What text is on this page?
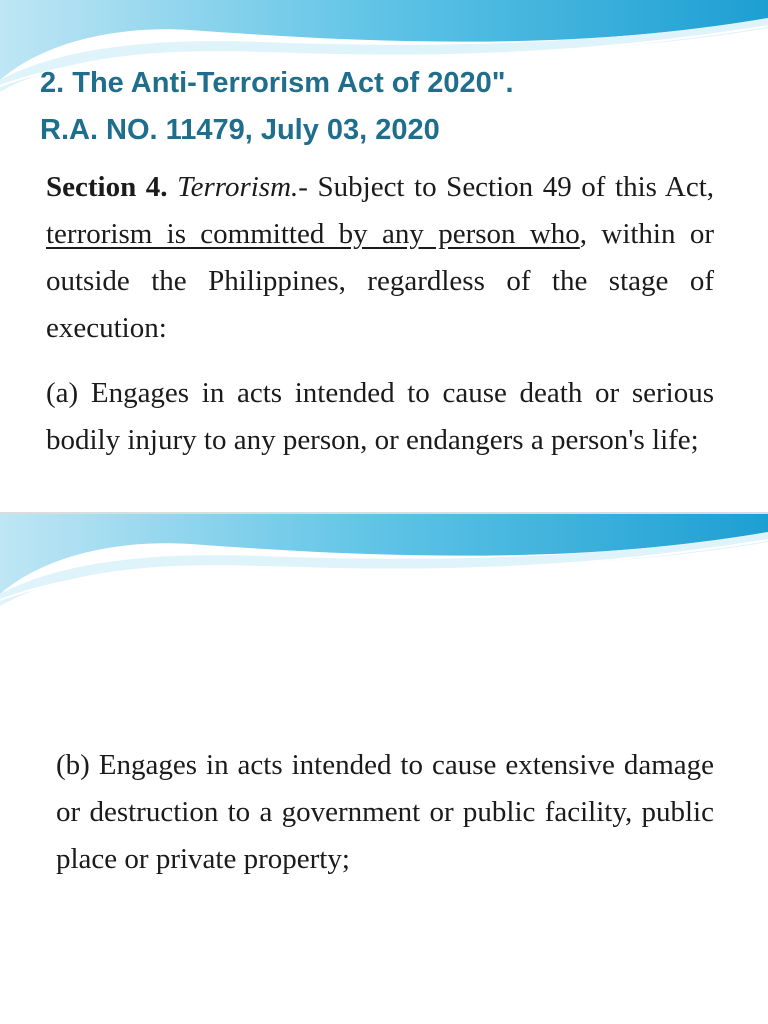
2. The Anti-Terrorism Act of 2020".
R.A. NO. 11479, July 03, 2020

Section 4. Terrorism.- Subject to Section 49 of this Act, terrorism is committed by any person who, within or outside the Philippines, regardless of the stage of execution:

(a) Engages in acts intended to cause death or serious bodily injury to any person, or endangers a person's life;

(b) Engages in acts intended to cause extensive damage or destruction to a government or public facility, public place or private property;
